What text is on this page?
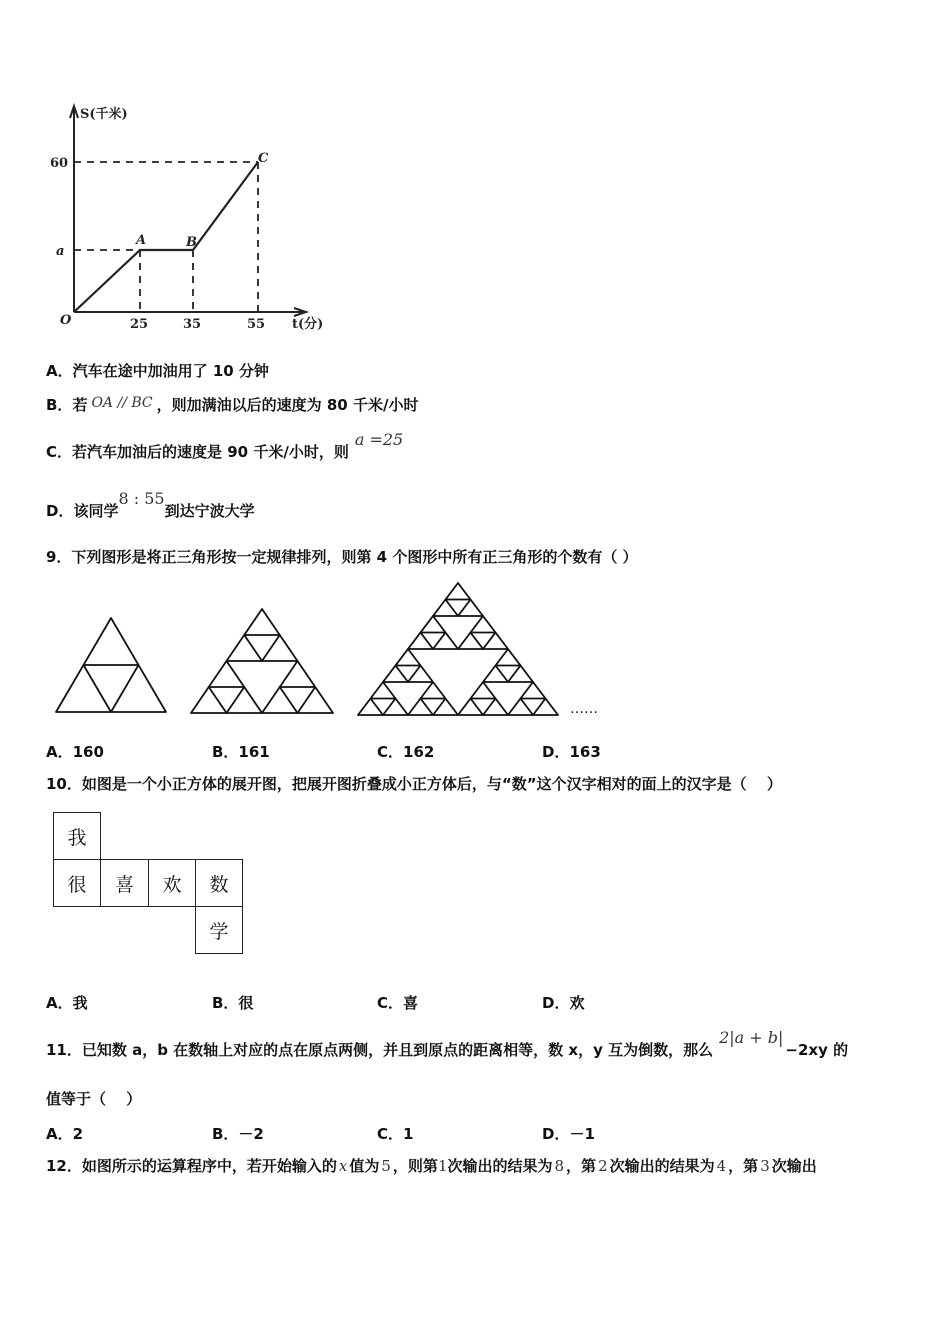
S(千米)
t(分)
60
a
O	25	35	55
A	B
C
A．汽车在途中加油用了 10 分钟
B．若 OA // BC ，则加满油以后的速度为 80 千米/小时
C．若汽车加油后的速度是 90 千米/小时，则a =25
D．该同学8 : 55到达宁波大学
9．下列图形是将正三角形按一定规律排列，则第 4 个图形中所有正三角形的个数有（ ）
……
A．160	B．161	C．162	D．163
10．如图是一个小正方体的展开图，把展开图折叠成小正方体后，与“数”这个汉字相对的面上的汉字是（　 ）
我
很	喜	欢	数
学
A．我	B．很	C．喜	D．欢
11．已知数 a，b 在数轴上对应的点在原点两侧，并且到原点的距离相等，数 x，y 互为倒数，那么2|a + b|−2xy 的
值等于（　 ）
A．2	B．－2	C．1	D．－1
12．如图所示的运算程序中，若开始输入的 x 值为 5 ，则第1次输出的结果为 8 ，第 2 次输出的结果为 4 ，第 3 次输出
